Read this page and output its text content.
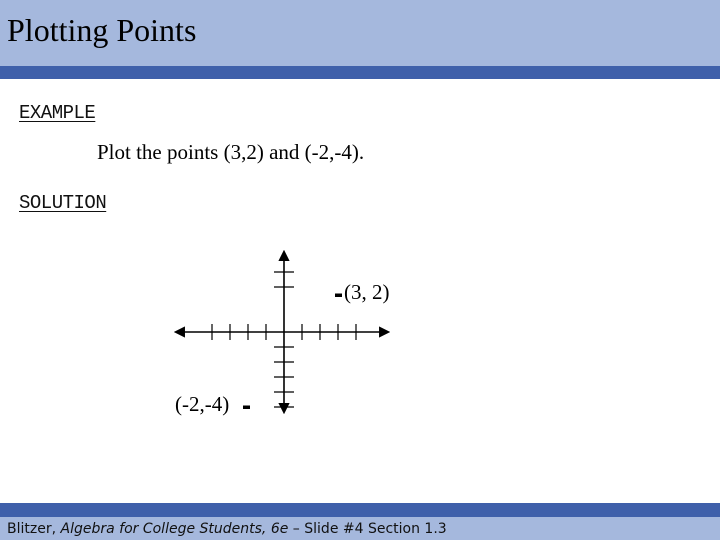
Plotting Points
EXAMPLE
Plot the points (3,2) and (-2,-4).
SOLUTION
(3, 2)
(-2,-4)
Blitzer, Algebra for College Students, 6e – Slide #4 Section 1.3
